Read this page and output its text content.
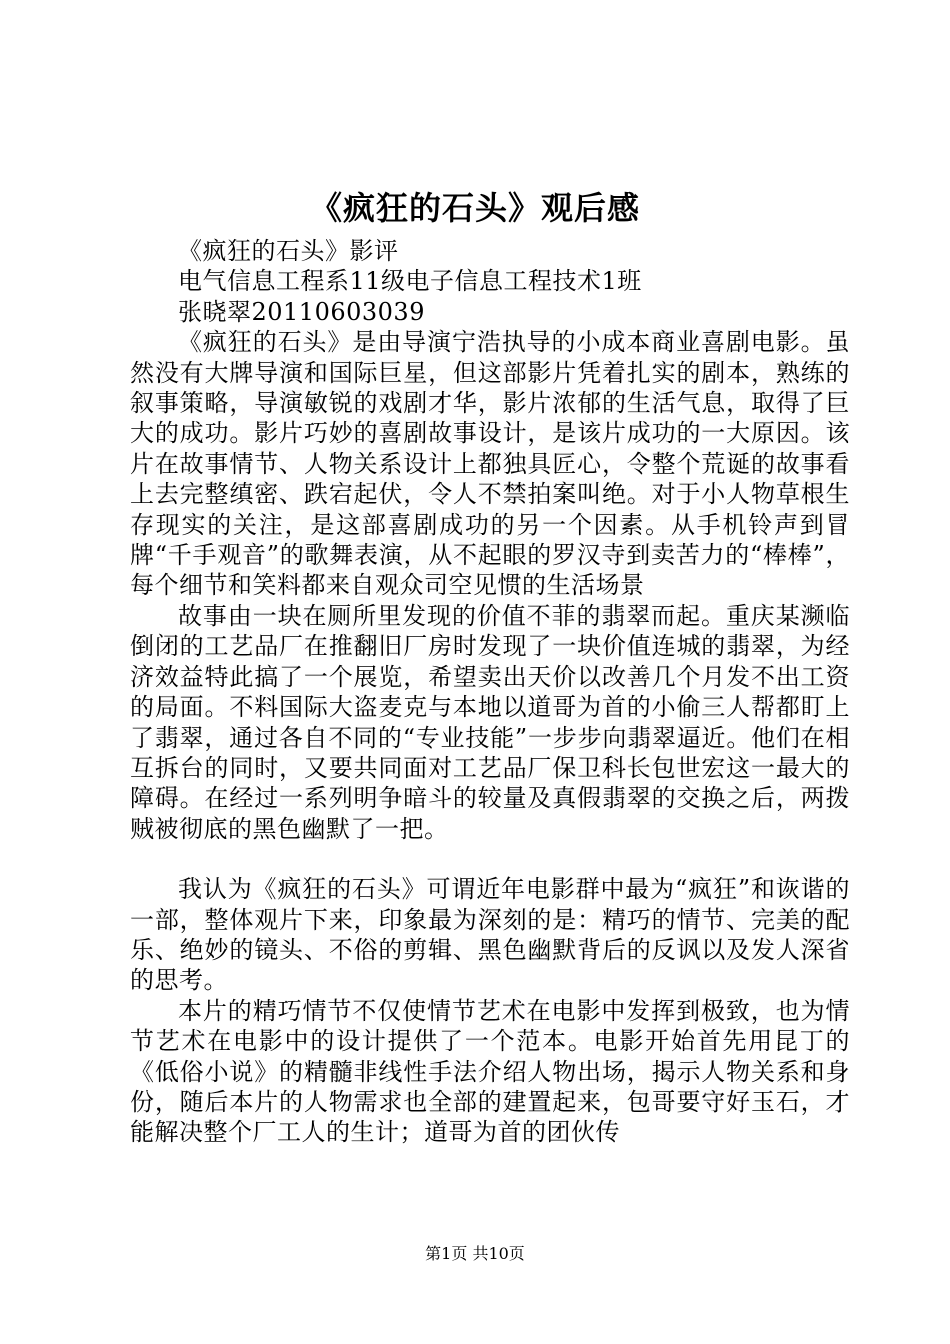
《疯狂的石头》观后感

《疯狂的石头》影评

电气信息工程系11级电子信息工程技术1班

张晓翠20110603039

《疯狂的石头》是由导演宁浩执导的小成本商业喜剧电影。虽然没有大牌导演和国际巨星，但这部影片凭着扎实的剧本，熟练的叙事策略，导演敏锐的戏剧才华，影片浓郁的生活气息，取得了巨大的成功。影片巧妙的喜剧故事设计，是该片成功的一大原因。该片在故事情节、人物关系设计上都独具匠心，令整个荒诞的故事看上去完整缜密、跌宕起伏，令人不禁拍案叫绝。对于小人物草根生存现实的关注，是这部喜剧成功的另一个因素。从手机铃声到冒牌“千手观音”的歌舞表演，从不起眼的罗汉寺到卖苦力的“棒棒”，每个细节和笑料都来自观众司空见惯的生活场景

故事由一块在厕所里发现的价值不菲的翡翠而起。重庆某濒临倒闭的工艺品厂在推翻旧厂房时发现了一块价值连城的翡翠，为经济效益特此搞了一个展览，希望卖出天价以改善几个月发不出工资的局面。不料国际大盗麦克与本地以道哥为首的小偷三人帮都盯上了翡翠，通过各自不同的“专业技能”一步步向翡翠逼近。他们在相互拆台的同时，又要共同面对工艺品厂保卫科长包世宏这一最大的障碍。在经过一系列明争暗斗的较量及真假翡翠的交换之后，两拨贼被彻底的黑色幽默了一把。

我认为《疯狂的石头》可谓近年电影群中最为“疯狂”和诙谐的一部，整体观片下来，印象最为深刻的是：精巧的情节、完美的配乐、绝妙的镜头、不俗的剪辑、黑色幽默背后的反讽以及发人深省的思考。

本片的精巧情节不仅使情节艺术在电影中发挥到极致，也为情节艺术在电影中的设计提供了一个范本。电影开始首先用昆丁的《低俗小说》的精髓非线性手法介绍人物出场，揭示人物关系和身份，随后本片的人物需求也全部的建置起来，包哥要守好玉石，才能解决整个厂工人的生计；道哥为首的团伙传

第1页 共10页
